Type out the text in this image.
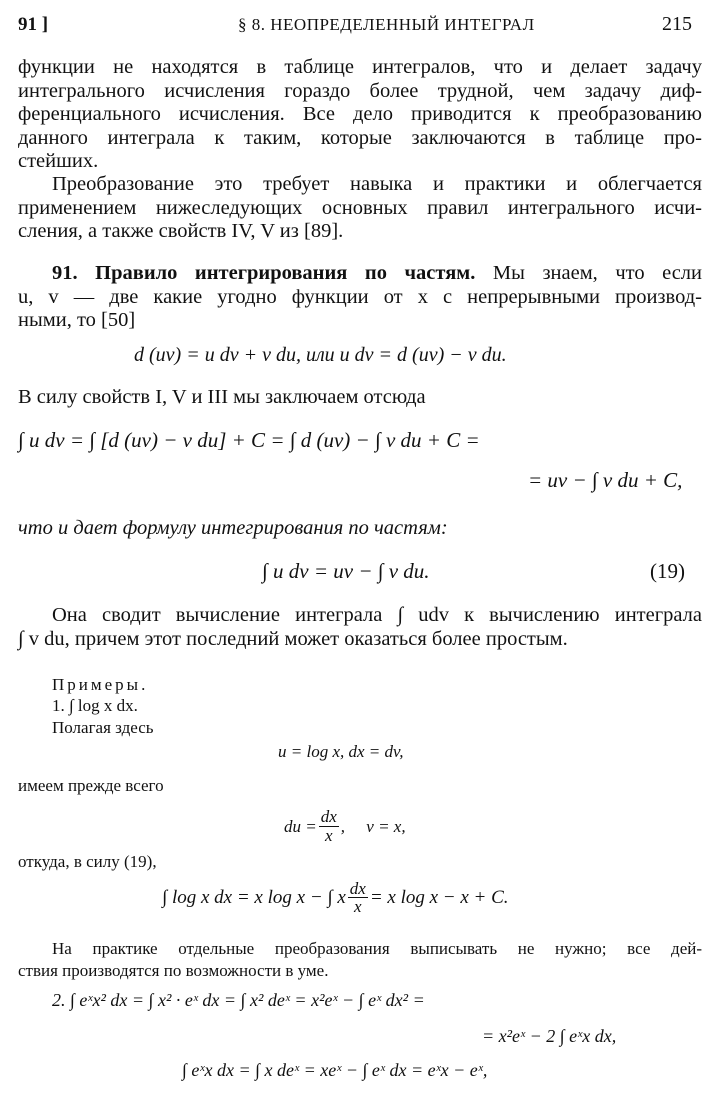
91 ]	§ 8. НЕОПРЕДЕЛЕННЫЙ ИНТЕГРАЛ	215
функции не находятся в таблице интегралов, что и делает задачу
интегрального исчисления гораздо более трудной, чем задачу диф-
ференциального исчисления. Все дело приводится к преобразованию
данного интеграла к таким, которые заключаются в таблице про-
стейших.
Преобразование это требует навыка и практики и облегчается
применением нижеследующих основных правил интегрального исчи-
сления, а также свойств IV, V из [89].
91. Правило интегрирования по частям. Мы знаем, что если
u, v — две какие угодно функции от x с непрерывными производ-
ными, то [50]
d (uv) = u dv + v du, или u dv = d (uv) − v du.
В силу свойств I, V и III мы заключаем отсюда
∫ u dv = ∫ [d (uv) − v du] + C = ∫ d (uv) − ∫ v du + C =
= uv − ∫ v du + C,
что и дает формулу интегрирования по частям:
∫ u dv = uv − ∫ v du.	(19)
Она сводит вычисление интеграла ∫ udv к вычислению интеграла
∫ v du, причем этот последний может оказаться более простым.
Примеры.
1. ∫ log x dx.
Полагая здесь
u = log x, dx = dv,
имеем прежде всего
du = $\frac{dx}{x}$ ,     v = x,
откуда, в силу (19),
∫ log x dx = x log x − ∫ x $\frac{dx}{x} = x$ log x − x + C.
На практике отдельные преобразования выписывать не нужно; все дей-
ствия производятся по возможности в уме.
2. ∫ eˣx² dx = ∫ x² · eˣ dx = ∫ x² deˣ = x²eˣ − ∫ eˣ dx² =
= x²eˣ − 2 ∫ eˣx dx,
∫ eˣx dx = ∫ x deˣ = xeˣ − ∫ eˣ dx = eˣx − eˣ,
